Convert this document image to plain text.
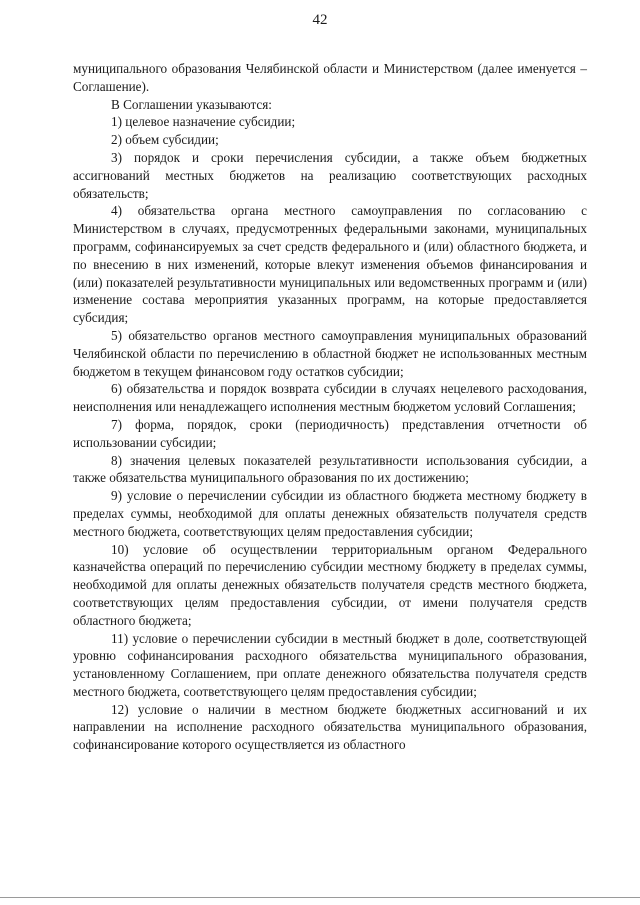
42

муниципального образования Челябинской области и Министерством (далее именуется – Соглашение).

В Соглашении указываются:

1) целевое назначение субсидии;

2) объем субсидии;

3) порядок и сроки перечисления субсидии, а также объем бюджетных ассигнований местных бюджетов на реализацию соответствующих расходных обязательств;

4) обязательства органа местного самоуправления по согласованию с Министерством в случаях, предусмотренных федеральными законами, муниципальных программ, софинансируемых за счет средств федерального и (или) областного бюджета, и по внесению в них изменений, которые влекут изменения объемов финансирования и (или) показателей результативности муниципальных или ведомственных программ и (или) изменение состава мероприятия указанных программ, на которые предоставляется субсидия;

5) обязательство органов местного самоуправления муниципальных образований Челябинской области по перечислению в областной бюджет не использованных местным бюджетом в текущем финансовом году остатков субсидии;

6) обязательства и порядок возврата субсидии в случаях нецелевого расходования, неисполнения или ненадлежащего исполнения местным бюджетом условий Соглашения;

7) форма, порядок, сроки (периодичность) представления отчетности об использовании субсидии;

8) значения целевых показателей результативности использования субсидии, а также обязательства муниципального образования по их достижению;

9) условие о перечислении субсидии из областного бюджета местному бюджету в пределах суммы, необходимой для оплаты денежных обязательств получателя средств местного бюджета, соответствующих целям предоставления субсидии;

10) условие об осуществлении территориальным органом Федерального казначейства операций по перечислению субсидии местному бюджету в пределах суммы, необходимой для оплаты денежных обязательств получателя средств местного бюджета, соответствующих целям предоставления субсидии, от имени получателя средств областного бюджета;

11) условие о перечислении субсидии в местный бюджет в доле, соответствующей уровню софинансирования расходного обязательства муниципального образования, установленному Соглашением, при оплате денежного обязательства получателя средств местного бюджета, соответствующего целям предоставления субсидии;

12) условие о наличии в местном бюджете бюджетных ассигнований и их направлении на исполнение расходного обязательства муниципального образования, софинансирование которого осуществляется из областного
